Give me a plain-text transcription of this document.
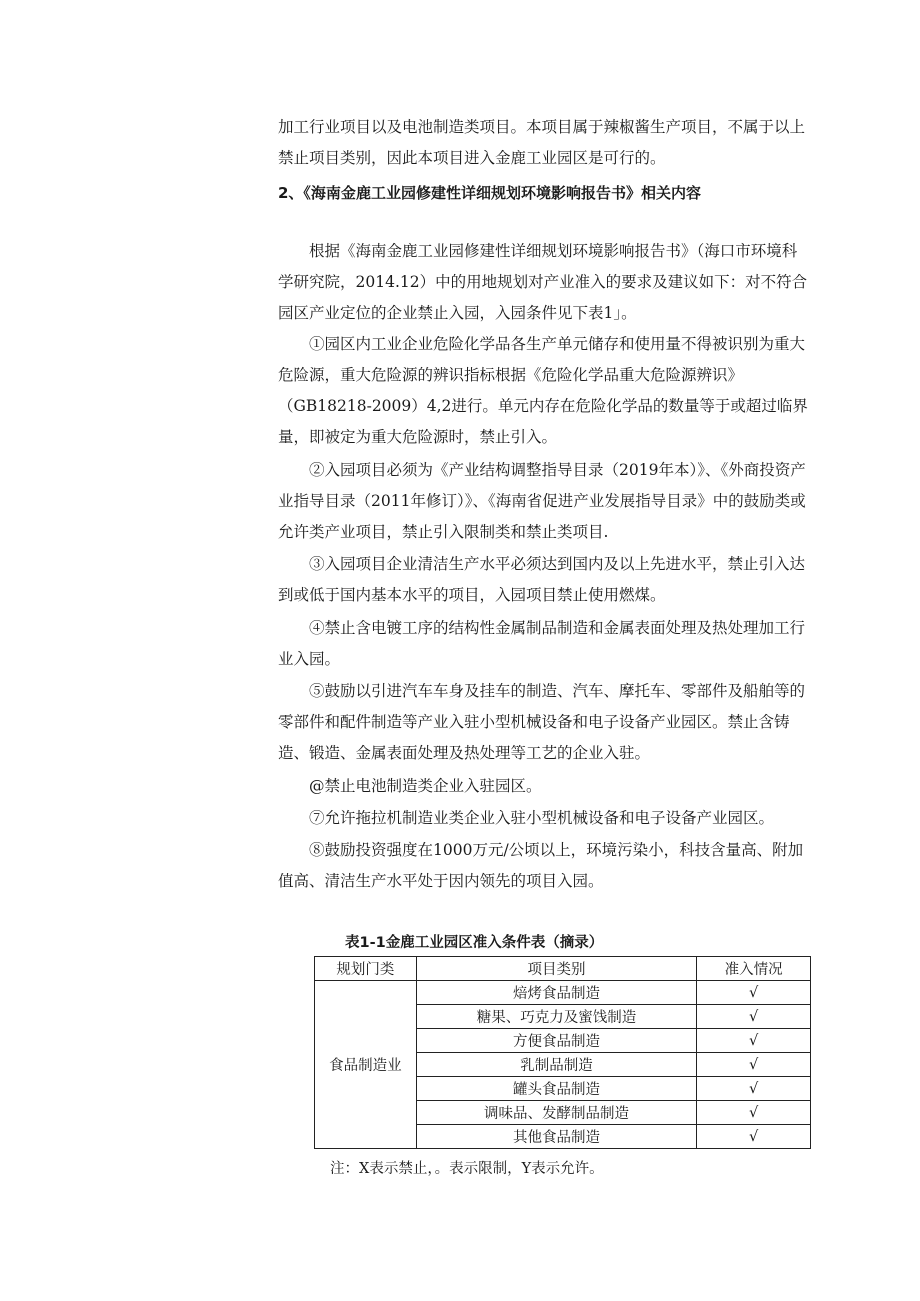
加工行业项目以及电池制造类项目。本项目属于辣椒酱生产项目，不属于以上禁止项目类别，因此本项目进入金鹿工业园区是可行的。

2、《海南金鹿工业园修建性详细规划环境影响报告书》相关内容

根据《海南金鹿工业园修建性详细规划环境影响报告书》（海口市环境科学研究院，2014.12）中的用地规划对产业准入的要求及建议如下：对不符合园区产业定位的企业禁止入园，入园条件见下表1」。

①园区内工业企业危险化学品各生产单元储存和使用量不得被识别为重大危险源，重大危险源的辨识指标根据《危险化学品重大危险源辨识》（GB18218-2009）4,2进行。单元内存在危险化学品的数量等于或超过临界量，即被定为重大危险源时，禁止引入。

②入园项目必须为《产业结构调整指导目录（2019年本）》、《外商投资产业指导目录（2011年修订）》、《海南省促进产业发展指导目录》中的鼓励类或允许类产业项目，禁止引入限制类和禁止类项目.

③入园项目企业清洁生产水平必须达到国内及以上先进水平，禁止引入达到或低于国内基本水平的项目，入园项目禁止使用燃煤。

④禁止含电镀工序的结构性金属制品制造和金属表面处理及热处理加工行业入园。

⑤鼓励以引进汽车车身及挂车的制造、汽车、摩托车、零部件及船舶等的零部件和配件制造等产业入驻小型机械设备和电子设备产业园区。禁止含铸造、锻造、金属表面处理及热处理等工艺的企业入驻。

@禁止电池制造类企业入驻园区。

⑦允许拖拉机制造业类企业入驻小型机械设备和电子设备产业园区。

⑧鼓励投资强度在1000万元/公顷以上，环境污染小，科技含量高、附加值高、清洁生产水平处于因内领先的项目入园。

表1-1金鹿工业园区准入条件表（摘录）

规划门类	项目类别	准入情况
食品制造业	焙烤食品制造	√
	糖果、巧克力及蜜饯制造	√
	方便食品制造	√
	乳制品制造	√
	罐头食品制造	√
	调味品、发酵制品制造	√
	其他食品制造	√

注：X表示禁止，。表示限制，Y表示允许。
